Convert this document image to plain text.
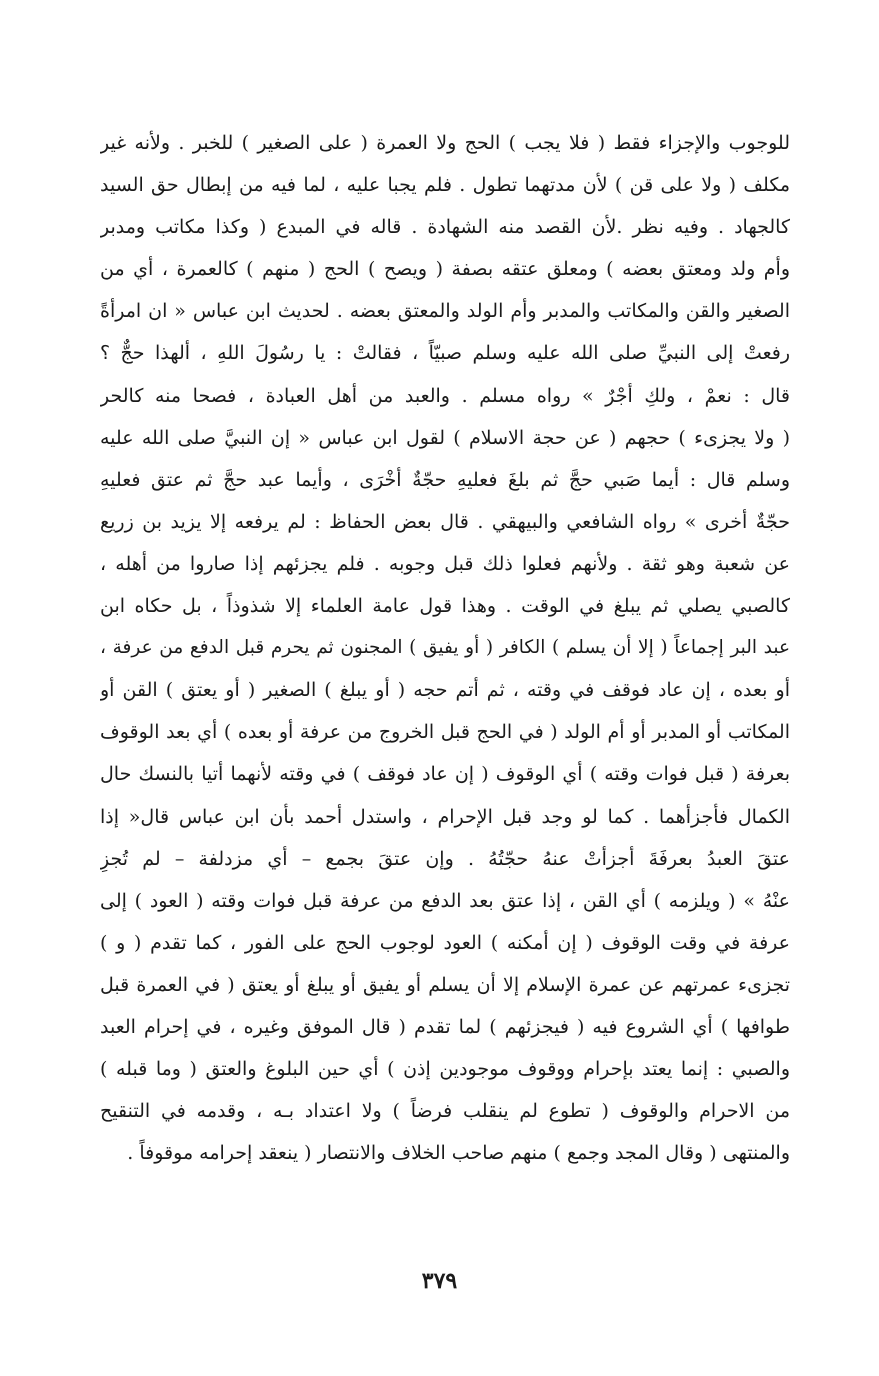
للوجوب والإجزاء فقط ( فلا يجب ) الحج ولا العمرة ( على الصغير ) للخبر . ولأنه غير
مكلف ( ولا على قن ) لأن مدتهما تطول . فلم يجبا عليه ، لما فيه من إبطال حق السيد
كالجهاد . وفيه نظر .لأن القصد منه الشهادة . قاله في المبدع ( وكذا مكاتب ومدبر
وأم ولد ومعتق بعضه ) ومعلق عتقه بصفة ( ويصح ) الحج ( منهم ) كالعمرة ، أي من
الصغير والقن والمكاتب والمدبر وأم الولد والمعتق بعضه . لحديث ابن عباس « ان امرأةً
رفعتْ إلى النبيِّ صلى الله عليه وسلم صبيّاً ، فقالتْ : يا رسُولَ اللهِ ، ألهذا حجٌّ ؟
قال : نعمْ ، ولكِ أجْرٌ » رواه مسلم . والعبد من أهل العبادة ، فصحا منه كالحر
( ولا يجزىء ) حجهم ( عن حجة الاسلام ) لقول ابن عباس « إن النبيَّ صلى الله عليه
وسلم قال : أيما صَبي حجَّ ثم بلغَ فعليهِ حجّةٌ أخْرَى ، وأيما عبد حجَّ ثم عتق فعليهِ
حجّةٌ أخرى » رواه الشافعي والبيهقي . قال بعض الحفاظ : لم يرفعه إلا يزيد بن زريع
عن شعبة وهو ثقة . ولأنهم فعلوا ذلك قبل وجوبه . فلم يجزئهم إذا صاروا من أهله ،
كالصبي يصلي ثم يبلغ في الوقت . وهذا قول عامة العلماء إلا شذوذاً ، بل حكاه ابن
عبد البر إجماعاً ( إلا أن يسلم ) الكافر ( أو يفيق ) المجنون ثم يحرم قبل الدفع من عرفة ،
أو بعده ، إن عاد فوقف في وقته ، ثم أتم حجه ( أو يبلغ ) الصغير ( أو يعتق ) القن أو
المكاتب أو المدبر أو أم الولد ( في الحج قبل الخروج من عرفة أو بعده ) أي بعد الوقوف
بعرفة ( قبل فوات وقته ) أي الوقوف ( إن عاد فوقف ) في وقته لأنهما أتيا بالنسك حال
الكمال فأجزأهما . كما لو وجد قبل الإحرام ، واستدل أحمد بأن ابن عباس قال« إذا
عتقَ العبدُ بعرفَةَ أجزأتْ عنهُ حجّتُهُ . وإن عتقَ بجمع – أي مزدلفة – لم تُجزِ
عنْهُ » ( ويلزمه ) أي القن ، إذا عتق بعد الدفع من عرفة قبل فوات وقته ( العود ) إلى
عرفة في وقت الوقوف ( إن أمكنه ) العود لوجوب الحج على الفور ، كما تقدم ( و )
تجزىء عمرتهم عن عمرة الإسلام إلا أن يسلم أو يفيق أو يبلغ أو يعتق ( في العمرة قبل
طوافها ) أي الشروع فيه ( فيجزئهم ) لما تقدم ( قال الموفق وغيره ، في إحرام العبد
والصبي : إنما يعتد بإحرام ووقوف موجودين إذن ) أي حين البلوغ والعتق ( وما قبله )
من الاحرام والوقوف ( تطوع لم ينقلب فرضاً ) ولا اعتداد بـه ، وقدمه في التنقيح
والمنتهى ( وقال المجد وجمع ) منهم صاحب الخلاف والانتصار ( ينعقد إحرامه موقوفاً .
٣٧٩
